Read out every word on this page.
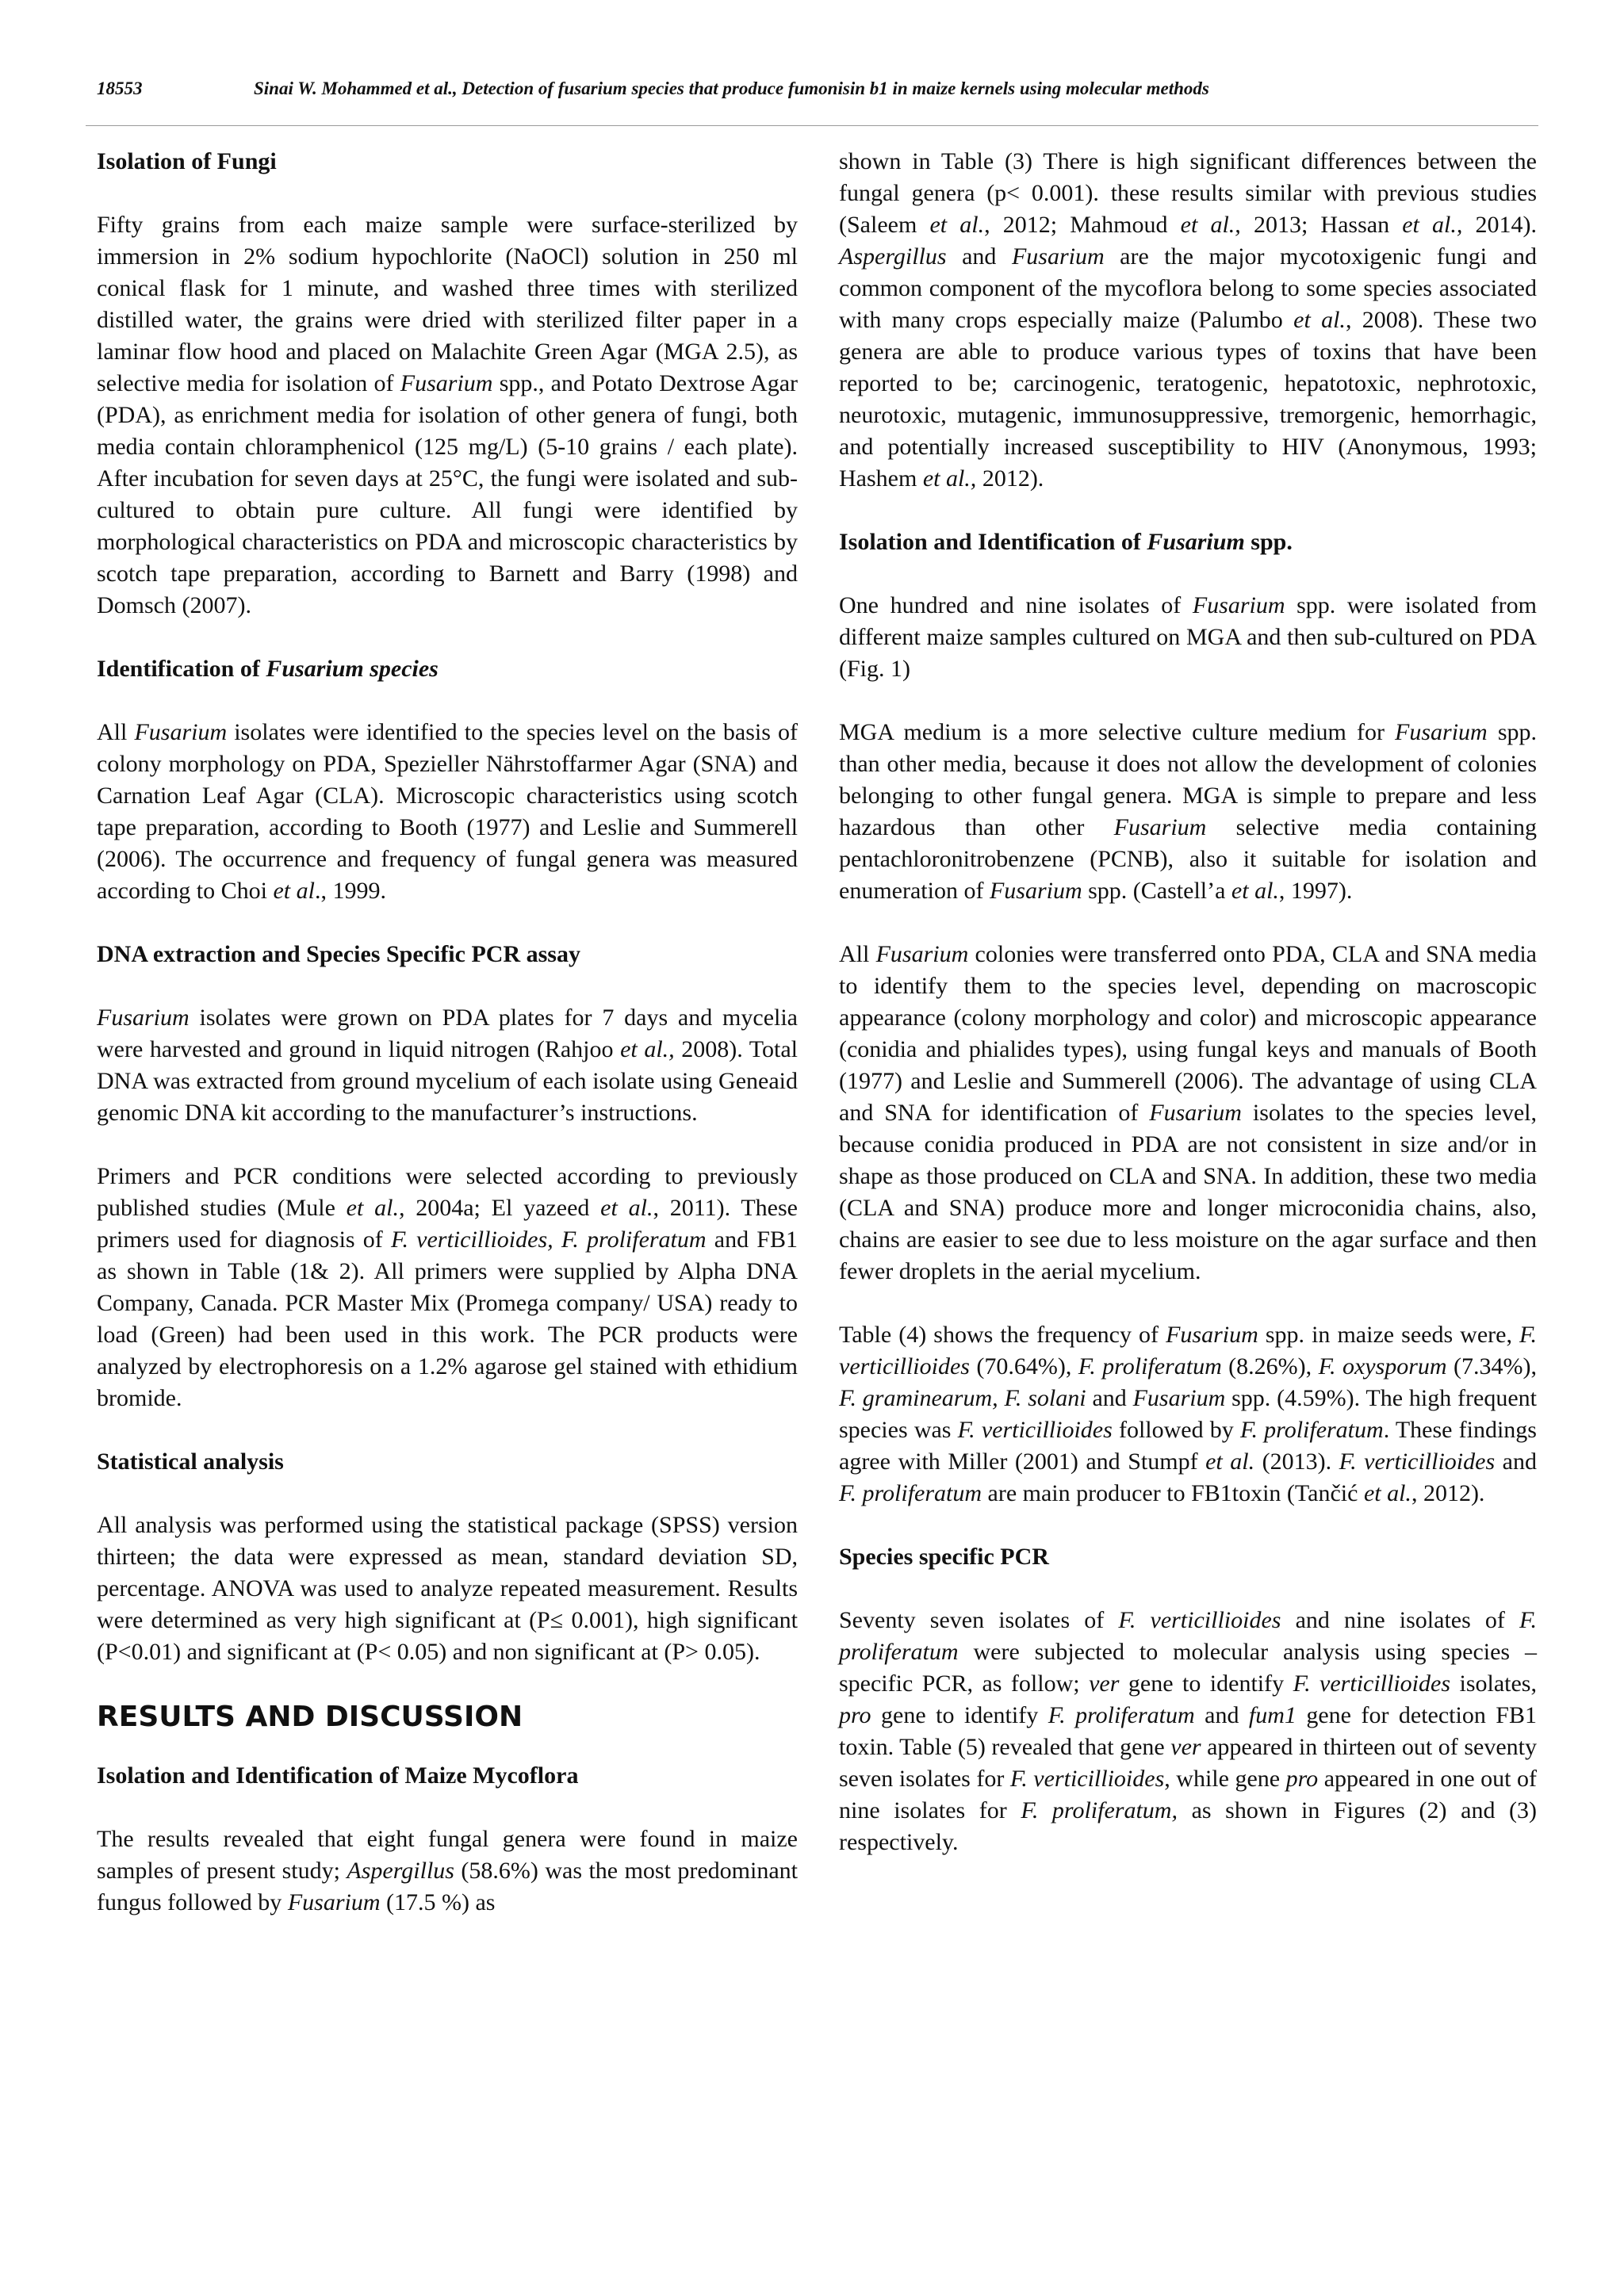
18553	Sinai W. Mohammed et al., Detection of fusarium species that produce fumonisin b1 in maize kernels using molecular methods
Isolation of Fungi

Fifty grains from each maize sample were surface-sterilized by immersion in 2% sodium hypochlorite (NaOCl) solution in 250 ml conical flask for 1 minute, and washed three times with sterilized distilled water, the grains were dried with sterilized filter paper in a laminar flow hood and placed on Malachite Green Agar (MGA 2.5), as selective media for isolation of Fusarium spp., and Potato Dextrose Agar (PDA), as enrichment media for isolation of other genera of fungi, both media contain chloramphenicol (125 mg/L) (5-10 grains / each plate). After incubation for seven days at 25°C, the fungi were isolated and sub-cultured to obtain pure culture. All fungi were identified by morphological characteristics on PDA and microscopic characteristics by scotch tape preparation, according to Barnett and Barry (1998) and Domsch (2007).

Identification of Fusarium species

All Fusarium isolates were identified to the species level on the basis of colony morphology on PDA, Spezieller Nährstoffarmer Agar (SNA) and Carnation Leaf Agar (CLA). Microscopic characteristics using scotch tape preparation, according to Booth (1977) and Leslie and Summerell (2006). The occurrence and frequency of fungal genera was measured according to Choi et al., 1999.

DNA extraction and Species Specific PCR assay

Fusarium isolates were grown on PDA plates for 7 days and mycelia were harvested and ground in liquid nitrogen (Rahjoo et al., 2008). Total DNA was extracted from ground mycelium of each isolate using Geneaid genomic DNA kit according to the manufacturer’s instructions.

Primers and PCR conditions were selected according to previously published studies (Mule et al., 2004a; El yazeed et al., 2011). These primers used for diagnosis of F. verticillioides, F. proliferatum and FB1 as shown in Table (1& 2). All primers were supplied by Alpha DNA Company, Canada. PCR Master Mix (Promega company/ USA) ready to load (Green) had been used in this work. The PCR products were analyzed by electrophoresis on a 1.2% agarose gel stained with ethidium bromide.

Statistical analysis

All analysis was performed using the statistical package (SPSS) version thirteen; the data were expressed as mean, standard deviation SD, percentage. ANOVA was used to analyze repeated measurement. Results were determined as very high significant at (P≤ 0.001), high significant (P<0.01) and significant at (P< 0.05) and non significant at (P> 0.05).

RESULTS AND DISCUSSION
Isolation and Identification of Maize Mycoflora

The results revealed that eight fungal genera were found in maize samples of present study; Aspergillus (58.6%) was the most predominant fungus followed by Fusarium (17.5 %) as

shown in Table (3) There is high significant differences between the fungal genera (p< 0.001). these results similar with previous studies (Saleem et al., 2012; Mahmoud et al., 2013; Hassan et al., 2014). Aspergillus and Fusarium are the major mycotoxigenic fungi and common component of the mycoflora belong to some species associated with many crops especially maize (Palumbo et al., 2008). These two genera are able to produce various types of toxins that have been reported to be; carcinogenic, teratogenic, hepatotoxic, nephrotoxic, neurotoxic, mutagenic, immunosuppressive, tremorgenic, hemorrhagic, and potentially increased susceptibility to HIV (Anonymous, 1993; Hashem et al., 2012).

Isolation and Identification of Fusarium spp.

One hundred and nine isolates of Fusarium spp. were isolated from different maize samples cultured on MGA and then sub-cultured on PDA (Fig. 1)

MGA medium is a more selective culture medium for Fusarium spp. than other media, because it does not allow the development of colonies belonging to other fungal genera. MGA is simple to prepare and less hazardous than other Fusarium selective media containing pentachloronitrobenzene (PCNB), also it suitable for isolation and enumeration of Fusarium spp. (Castell’a et al., 1997).

All Fusarium colonies were transferred onto PDA, CLA and SNA media to identify them to the species level, depending on macroscopic appearance (colony morphology and color) and microscopic appearance (conidia and phialides types), using fungal keys and manuals of Booth (1977) and Leslie and Summerell (2006). The advantage of using CLA and SNA for identification of Fusarium isolates to the species level, because conidia produced in PDA are not consistent in size and/or in shape as those produced on CLA and SNA. In addition, these two media (CLA and SNA) produce more and longer microconidia chains, also, chains are easier to see due to less moisture on the agar surface and then fewer droplets in the aerial mycelium.

Table (4) shows the frequency of Fusarium spp. in maize seeds were, F. verticillioides (70.64%), F. proliferatum (8.26%), F. oxysporum (7.34%), F. graminearum, F. solani and Fusarium spp. (4.59%). The high frequent species was F. verticillioides followed by F. proliferatum. These findings agree with Miller (2001) and Stumpf et al. (2013). F. verticillioides and F. proliferatum are main producer to FB1toxin (Tančić et al., 2012).

Species specific PCR

Seventy seven isolates of F. verticillioides and nine isolates of F. proliferatum were subjected to molecular analysis using species – specific PCR, as follow; ver gene to identify F. verticillioides isolates, pro gene to identify F. proliferatum and fum1 gene for detection FB1 toxin. Table (5) revealed that gene ver appeared in thirteen out of seventy seven isolates for F. verticillioides, while gene pro appeared in one out of nine isolates for F. proliferatum, as shown in Figures (2) and (3) respectively.
